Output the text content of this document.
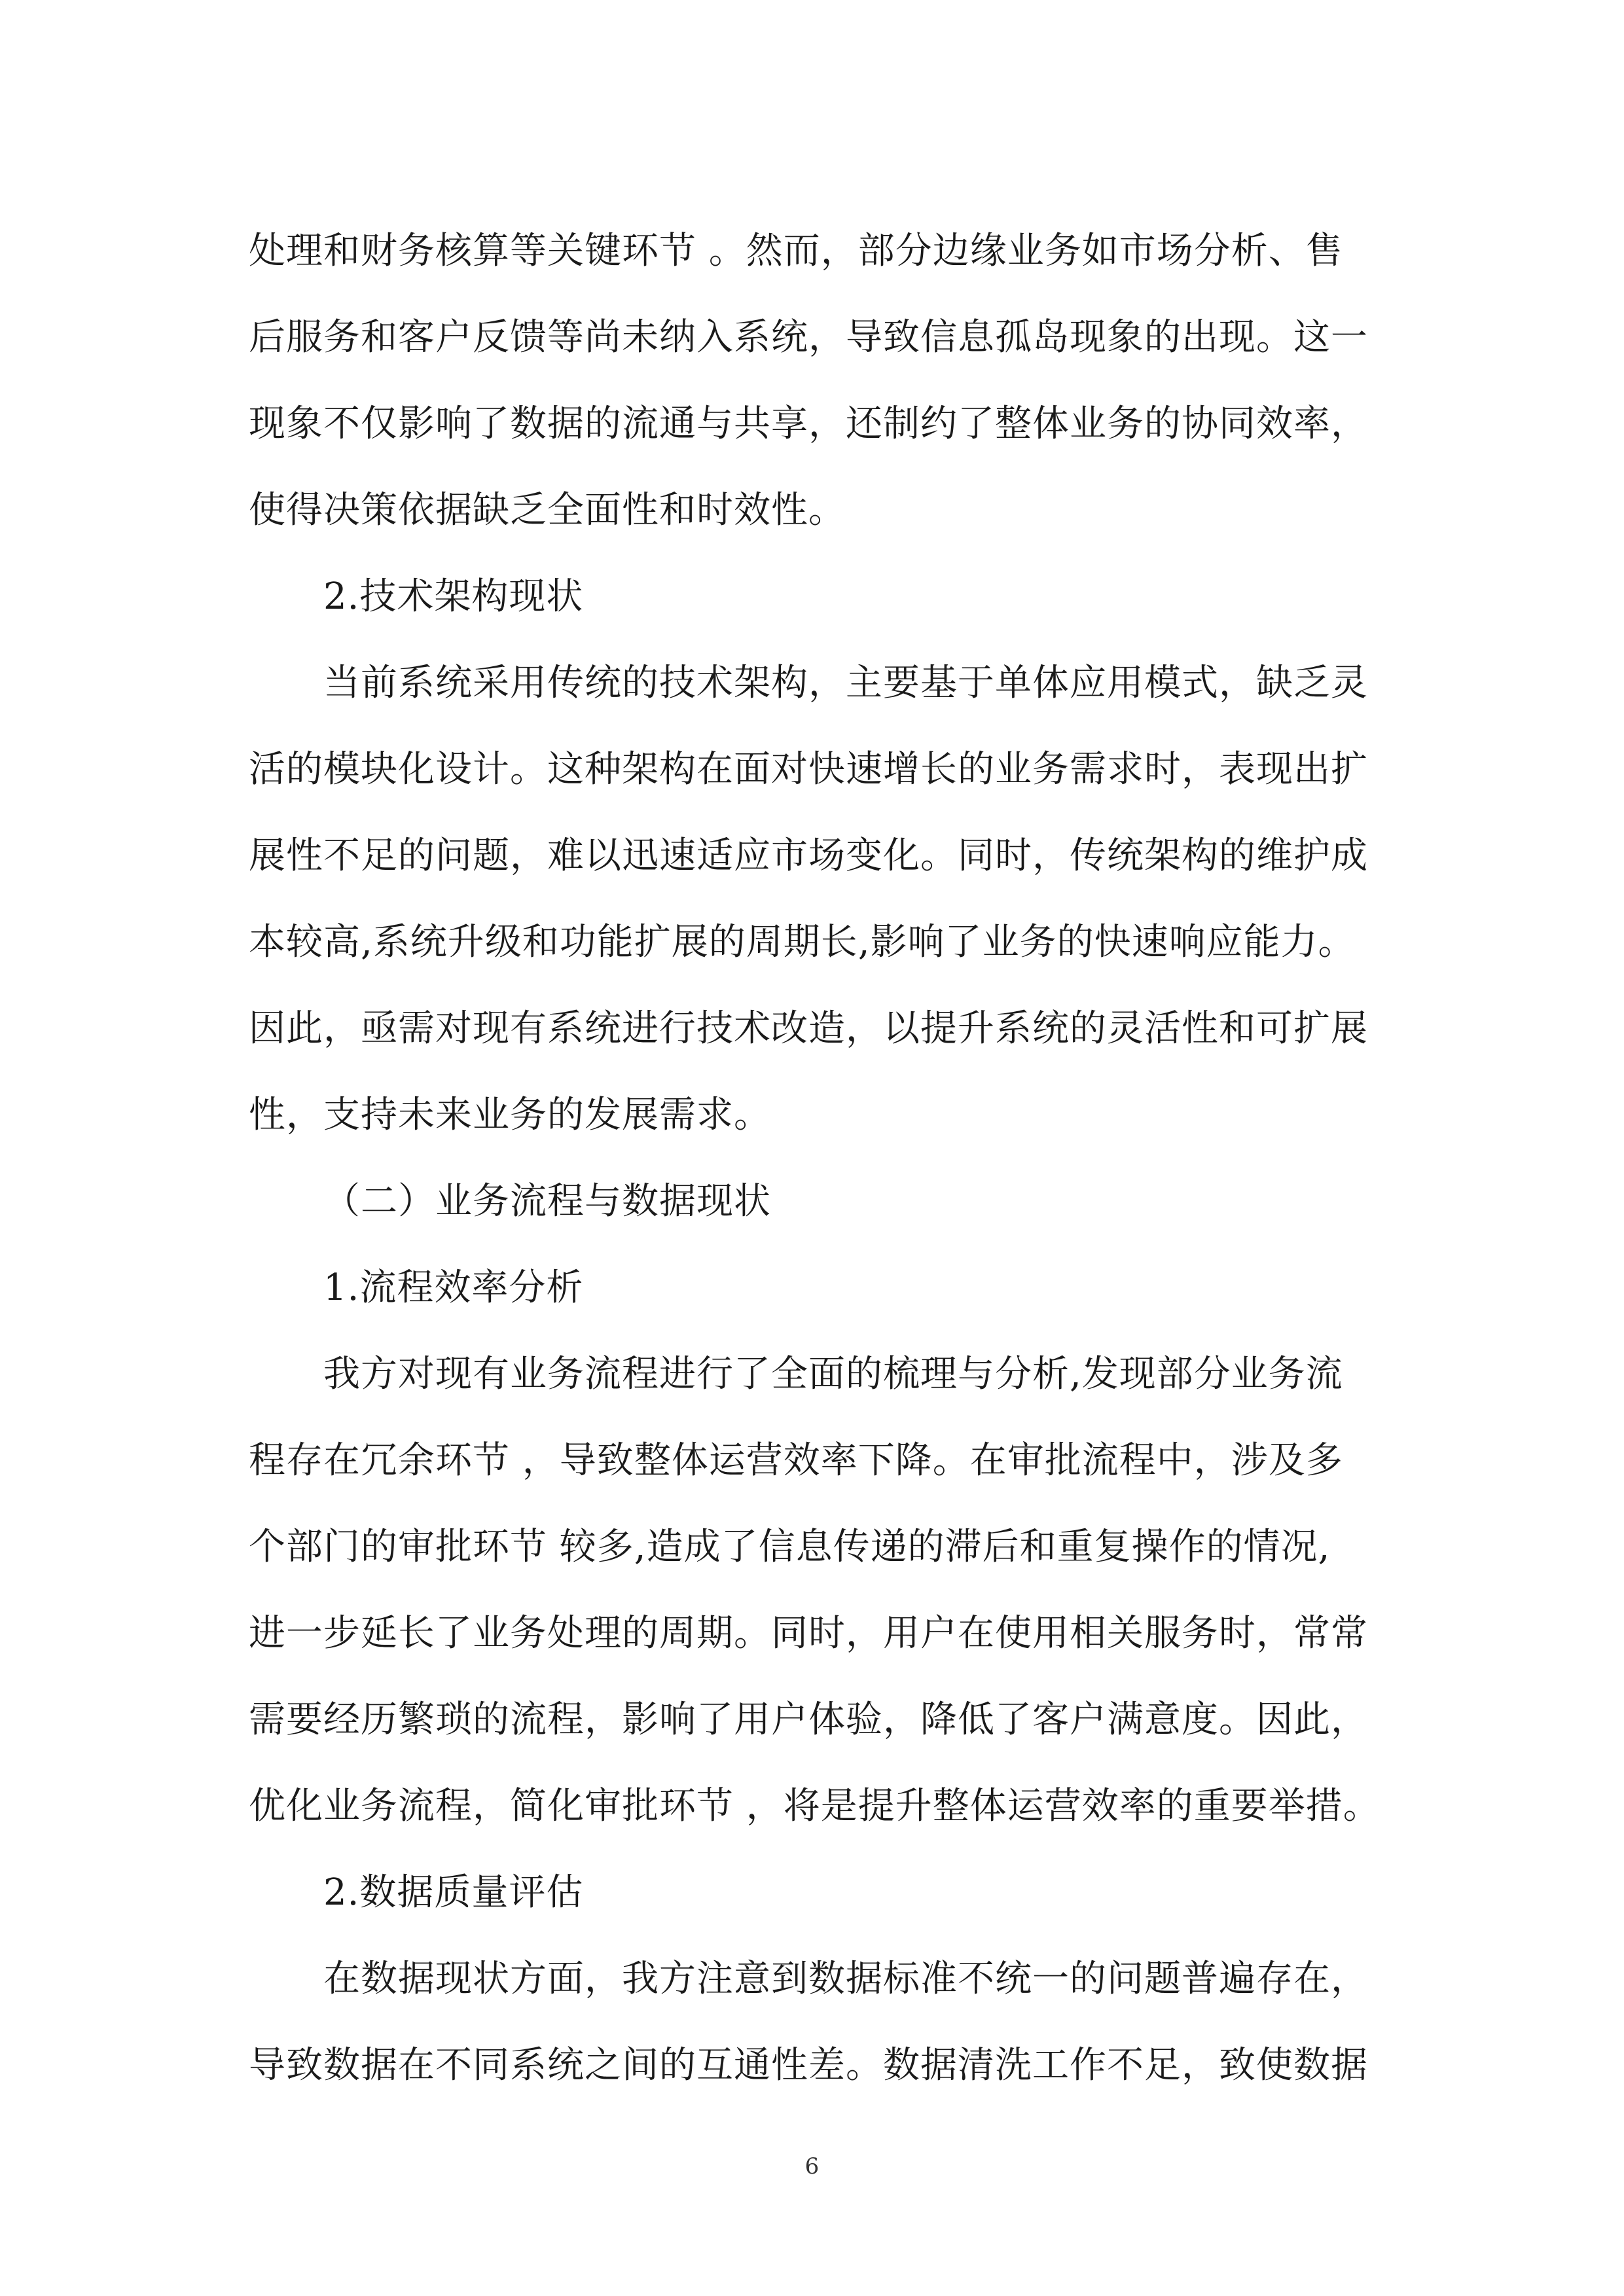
处理和财务核算等关键环节 。然而，部分边缘业务如市场分析、售
后服务和客户反馈等尚未纳入系统，导致信息孤岛现象的出现。这一
现象不仅影响了数据的流通与共享，还制约了整体业务的协同效率，
使得决策依据缺乏全面性和时效性。
2.技术架构现状
当前系统采用传统的技术架构，主要基于单体应用模式，缺乏灵
活的模块化设计。这种架构在面对快速增长的业务需求时，表现出扩
展性不足的问题，难以迅速适应市场变化。同时，传统架构的维护成
本较高,系统升级和功能扩展的周期长,影响了业务的快速响应能力。
因此，亟需对现有系统进行技术改造，以提升系统的灵活性和可扩展
性，支持未来业务的发展需求。
（二）业务流程与数据现状
1.流程效率分析
我方对现有业务流程进行了全面的梳理与分析,发现部分业务流
程存在冗余环节 ，导致整体运营效率下降。在审批流程中，涉及多
个部门的审批环节 较多,造成了信息传递的滞后和重复操作的情况,
进一步延长了业务处理的周期。同时，用户在使用相关服务时，常常
需要经历繁琐的流程，影响了用户体验，降低了客户满意度。因此，
优化业务流程，简化审批环节 ，将是提升整体运营效率的重要举措。
2.数据质量评估
在数据现状方面，我方注意到数据标准不统一的问题普遍存在，
导致数据在不同系统之间的互通性差。数据清洗工作不足，致使数据
6
